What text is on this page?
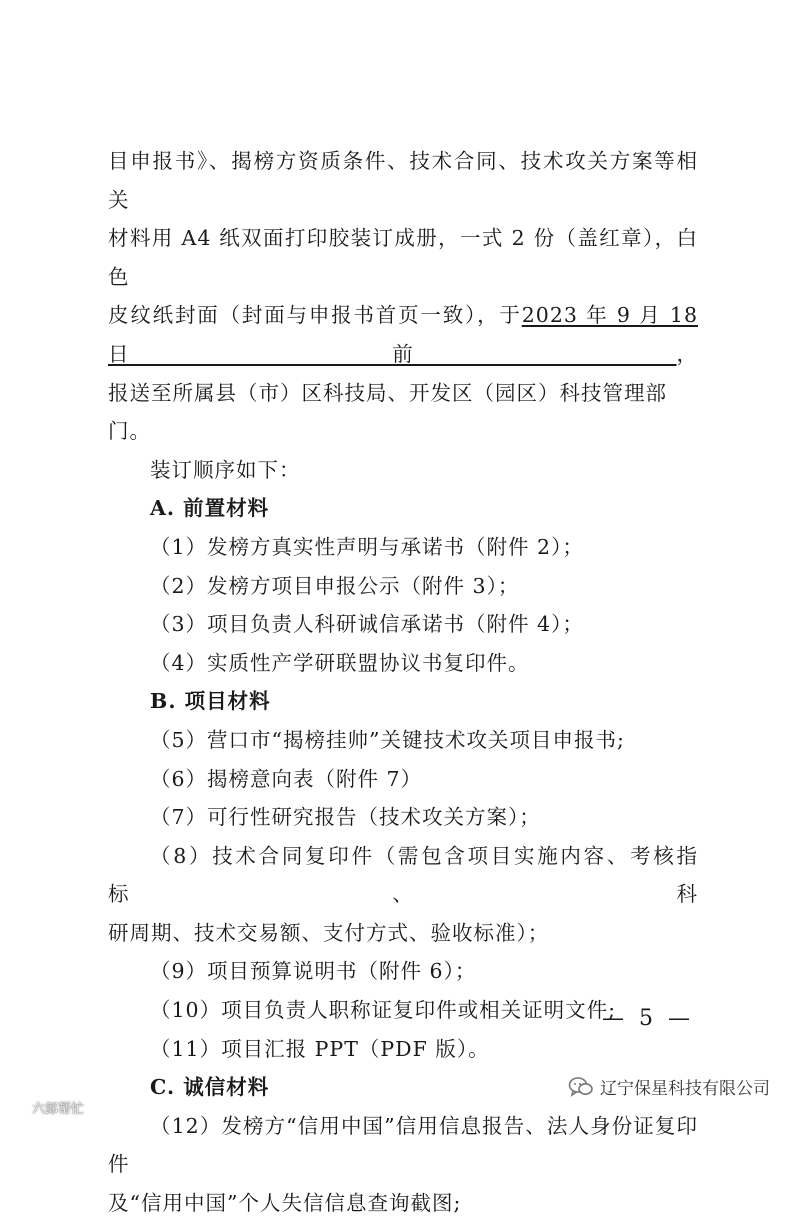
目申报书》、揭榜方资质条件、技术合同、技术攻关方案等相关

材料用 A4 纸双面打印胶装订成册，一式 2 份（盖红章），白色

皮纹纸封面（封面与申报书首页一致），于2023 年 9 月 18 日前，

报送至所属县（市）区科技局、开发区（园区）科技管理部门。

装订顺序如下：

A. 前置材料

（1）发榜方真实性声明与承诺书（附件 2）；

（2）发榜方项目申报公示（附件 3）；

（3）项目负责人科研诚信承诺书（附件 4）；

（4）实质性产学研联盟协议书复印件。

B. 项目材料

（5）营口市“揭榜挂帅”关键技术攻关项目申报书;

（6）揭榜意向表（附件 7）

（7）可行性研究报告（技术攻关方案）；

（8）技术合同复印件（需包含项目实施内容、考核指标、科

研周期、技术交易额、支付方式、验收标准）；

（9）项目预算说明书（附件 6）；

（10）项目负责人职称证复印件或相关证明文件;

（11）项目汇报 PPT（PDF 版）。

C. 诚信材料

（12）发榜方“信用中国”信用信息报告、法人身份证复印件

及“信用中国”个人失信信息查询截图;

— 5 —
辽宁保星科技有限公司
六郎帮忙
